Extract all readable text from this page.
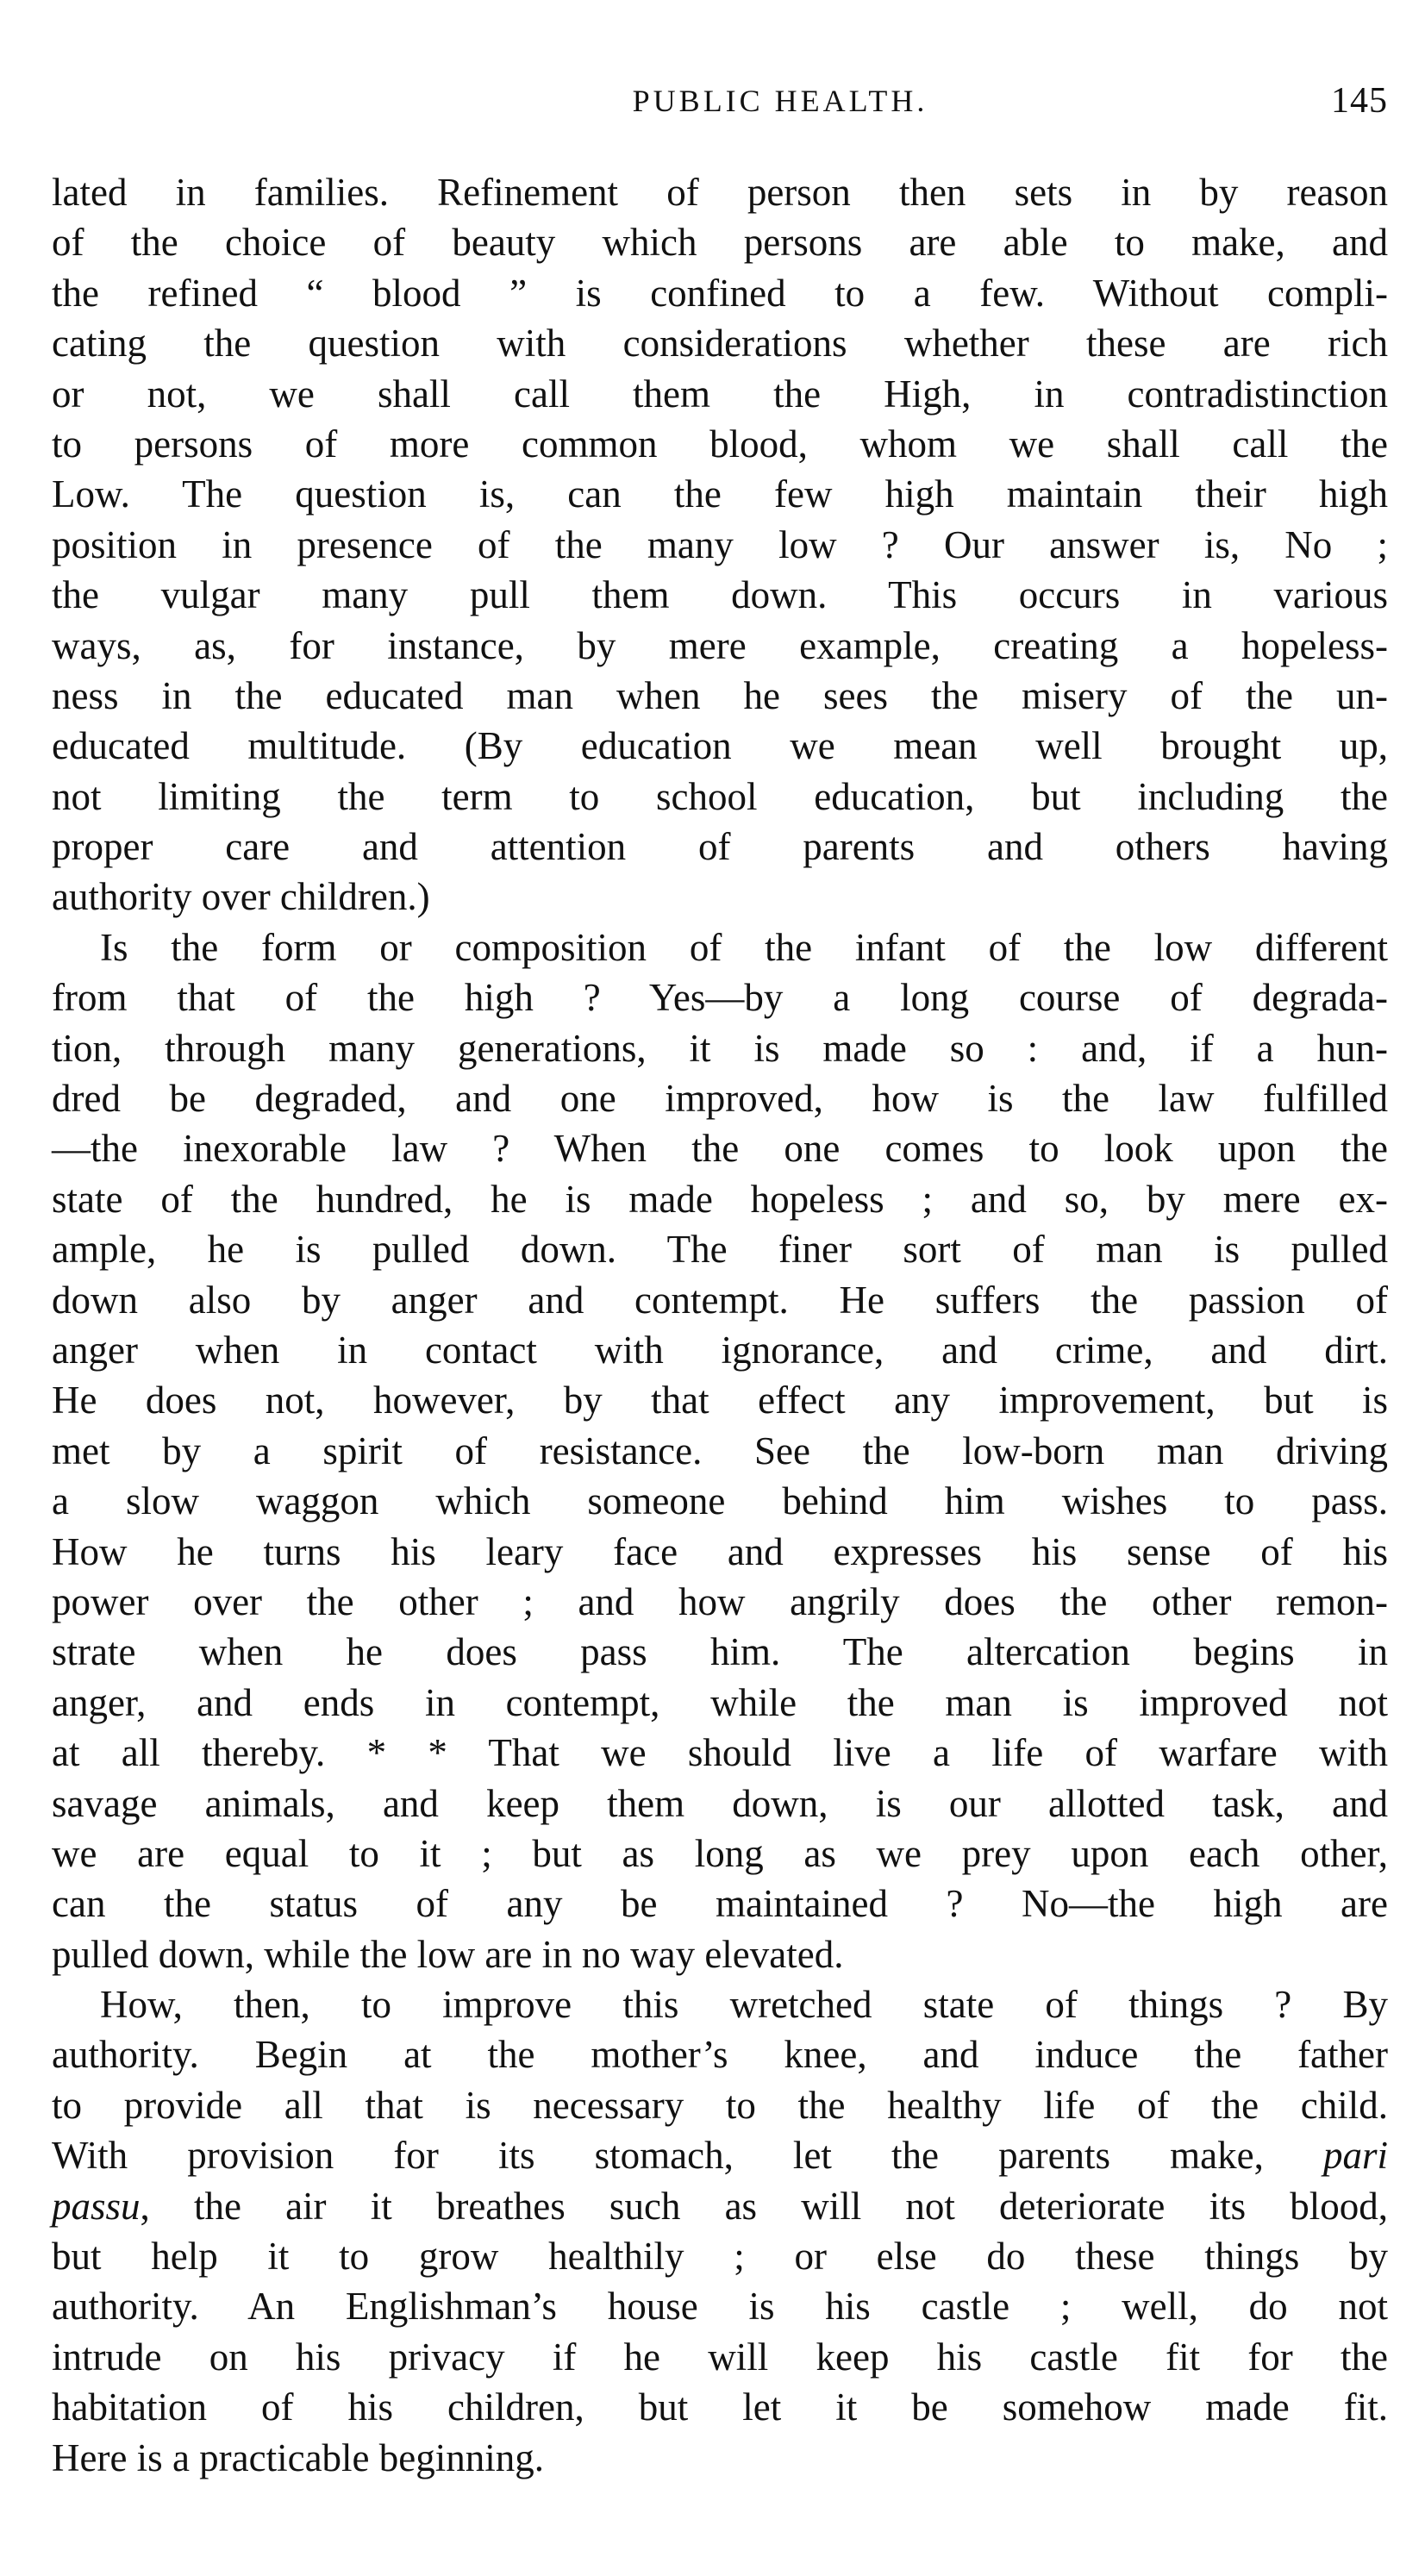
PUBLIC HEALTH.	145
lated in families. Refinement of person then sets in by reason
of the choice of beauty which persons are able to make, and
the refined “ blood ” is confined to a few. Without compli-
cating the question with considerations whether these are rich
or not, we shall call them the High, in contradistinction
to persons of more common blood, whom we shall call the
Low. The question is, can the few high maintain their high
position in presence of the many low ? Our answer is, No ;
the vulgar many pull them down. This occurs in various
ways, as, for instance, by mere example, creating a hopeless-
ness in the educated man when he sees the misery of the un-
educated multitude. (By education we mean well brought up,
not limiting the term to school education, but including the
proper care and attention of parents and others having
authority over children.)
Is the form or composition of the infant of the low different
from that of the high ? Yes—by a long course of degrada-
tion, through many generations, it is made so : and, if a hun-
dred be degraded, and one improved, how is the law fulfilled
—the inexorable law ? When the one comes to look upon the
state of the hundred, he is made hopeless ; and so, by mere ex-
ample, he is pulled down. The finer sort of man is pulled
down also by anger and contempt. He suffers the passion of
anger when in contact with ignorance, and crime, and dirt.
He does not, however, by that effect any improvement, but is
met by a spirit of resistance. See the low-born man driving
a slow waggon which someone behind him wishes to pass.
How he turns his leary face and expresses his sense of his
power over the other ; and how angrily does the other remon-
strate when he does pass him. The altercation begins in
anger, and ends in contempt, while the man is improved not
at all thereby. * * That we should live a life of warfare with
savage animals, and keep them down, is our allotted task, and
we are equal to it ; but as long as we prey upon each other,
can the status of any be maintained ? No—the high are
pulled down, while the low are in no way elevated.
How, then, to improve this wretched state of things ? By
authority. Begin at the mother’s knee, and induce the father
to provide all that is necessary to the healthy life of the child.
With provision for its stomach, let the parents make, pari
passu, the air it breathes such as will not deteriorate its blood,
but help it to grow healthily ; or else do these things by
authority. An Englishman’s house is his castle ; well, do not
intrude on his privacy if he will keep his castle fit for the
habitation of his children, but let it be somehow made fit.
Here is a practicable beginning.
